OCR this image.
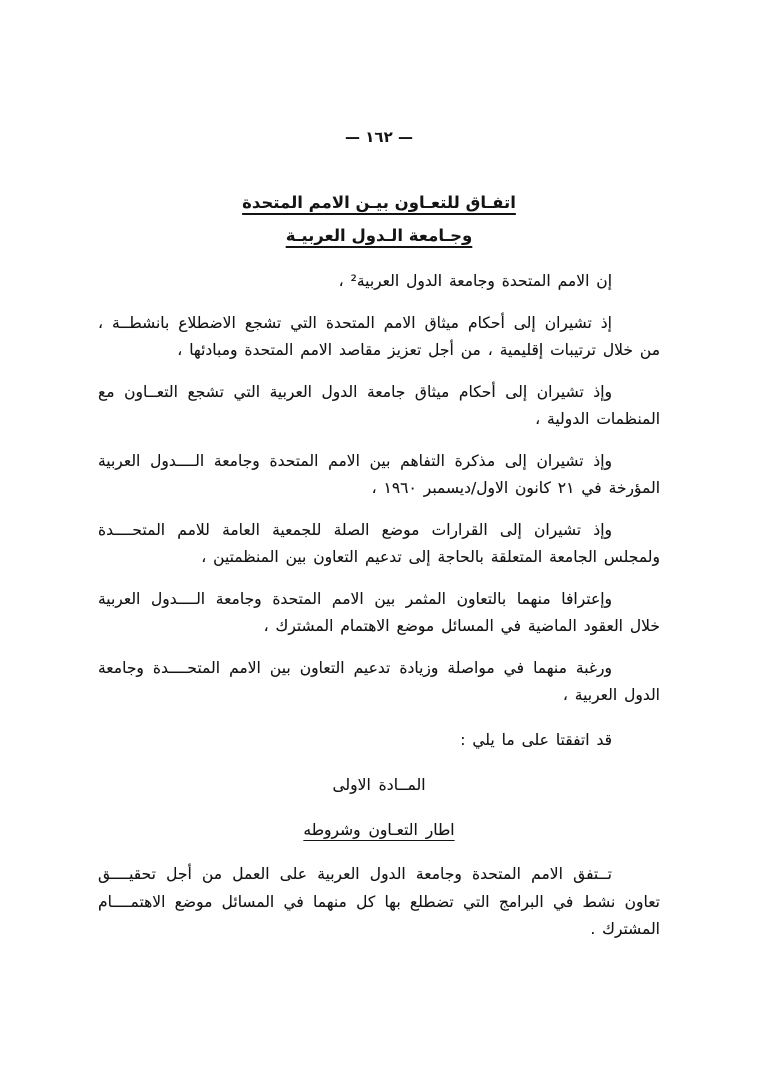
— ١٦٢ —
اتفـاق للتعـاون بيـن الامم المتحدة
وجـامعة الـدول العربيـة

إن الامم المتحدة وجامعة الدول العربية² ،

إذ تشيران إلى أحكام ميثاق الامم المتحدة التي تشجع الاضطلاع بانشطــة ، من خلال ترتيبات إقليمية ، من أجل تعزيز مقاصد الامم المتحدة ومبادئها ،

وإذ تشيران إلى أحكام ميثاق جامعة الدول العربية التي تشجع التعــاون مع المنظمات الدولية ،

وإذ تشيران إلى مذكرة التفاهم بين الامم المتحدة وجامعة الــــدول العربية المؤرخة في ٢١ كانون الاول/ديسمبر ١٩٦٠ ،

وإذ تشيران إلى القرارات موضع الصلة للجمعية العامة للامم المتحــــدة ولمجلس الجامعة المتعلقة بالحاجة إلى تدعيم التعاون بين المنظمتين ،

وإعترافا منهما بالتعاون المثمر بين الامم المتحدة وجامعة الــــدول العربية خلال العقود الماضية في المسائل موضع الاهتمام المشترك ،

ورغبة منهما في مواصلة وزيادة تدعيم التعاون بين الامم المتحــــدة وجامعة الدول العربية ،

قد اتفقتا على ما يلي :

المــادة الاولى
اطار التعـاون وشروطه

تــتفق الامم المتحدة وجامعة الدول العربية على العمل من أجل تحقيــــق تعاون نشط في البرامج التي تضطلع بها كل منهما في المسائل موضع الاهتمــــام المشترك .
